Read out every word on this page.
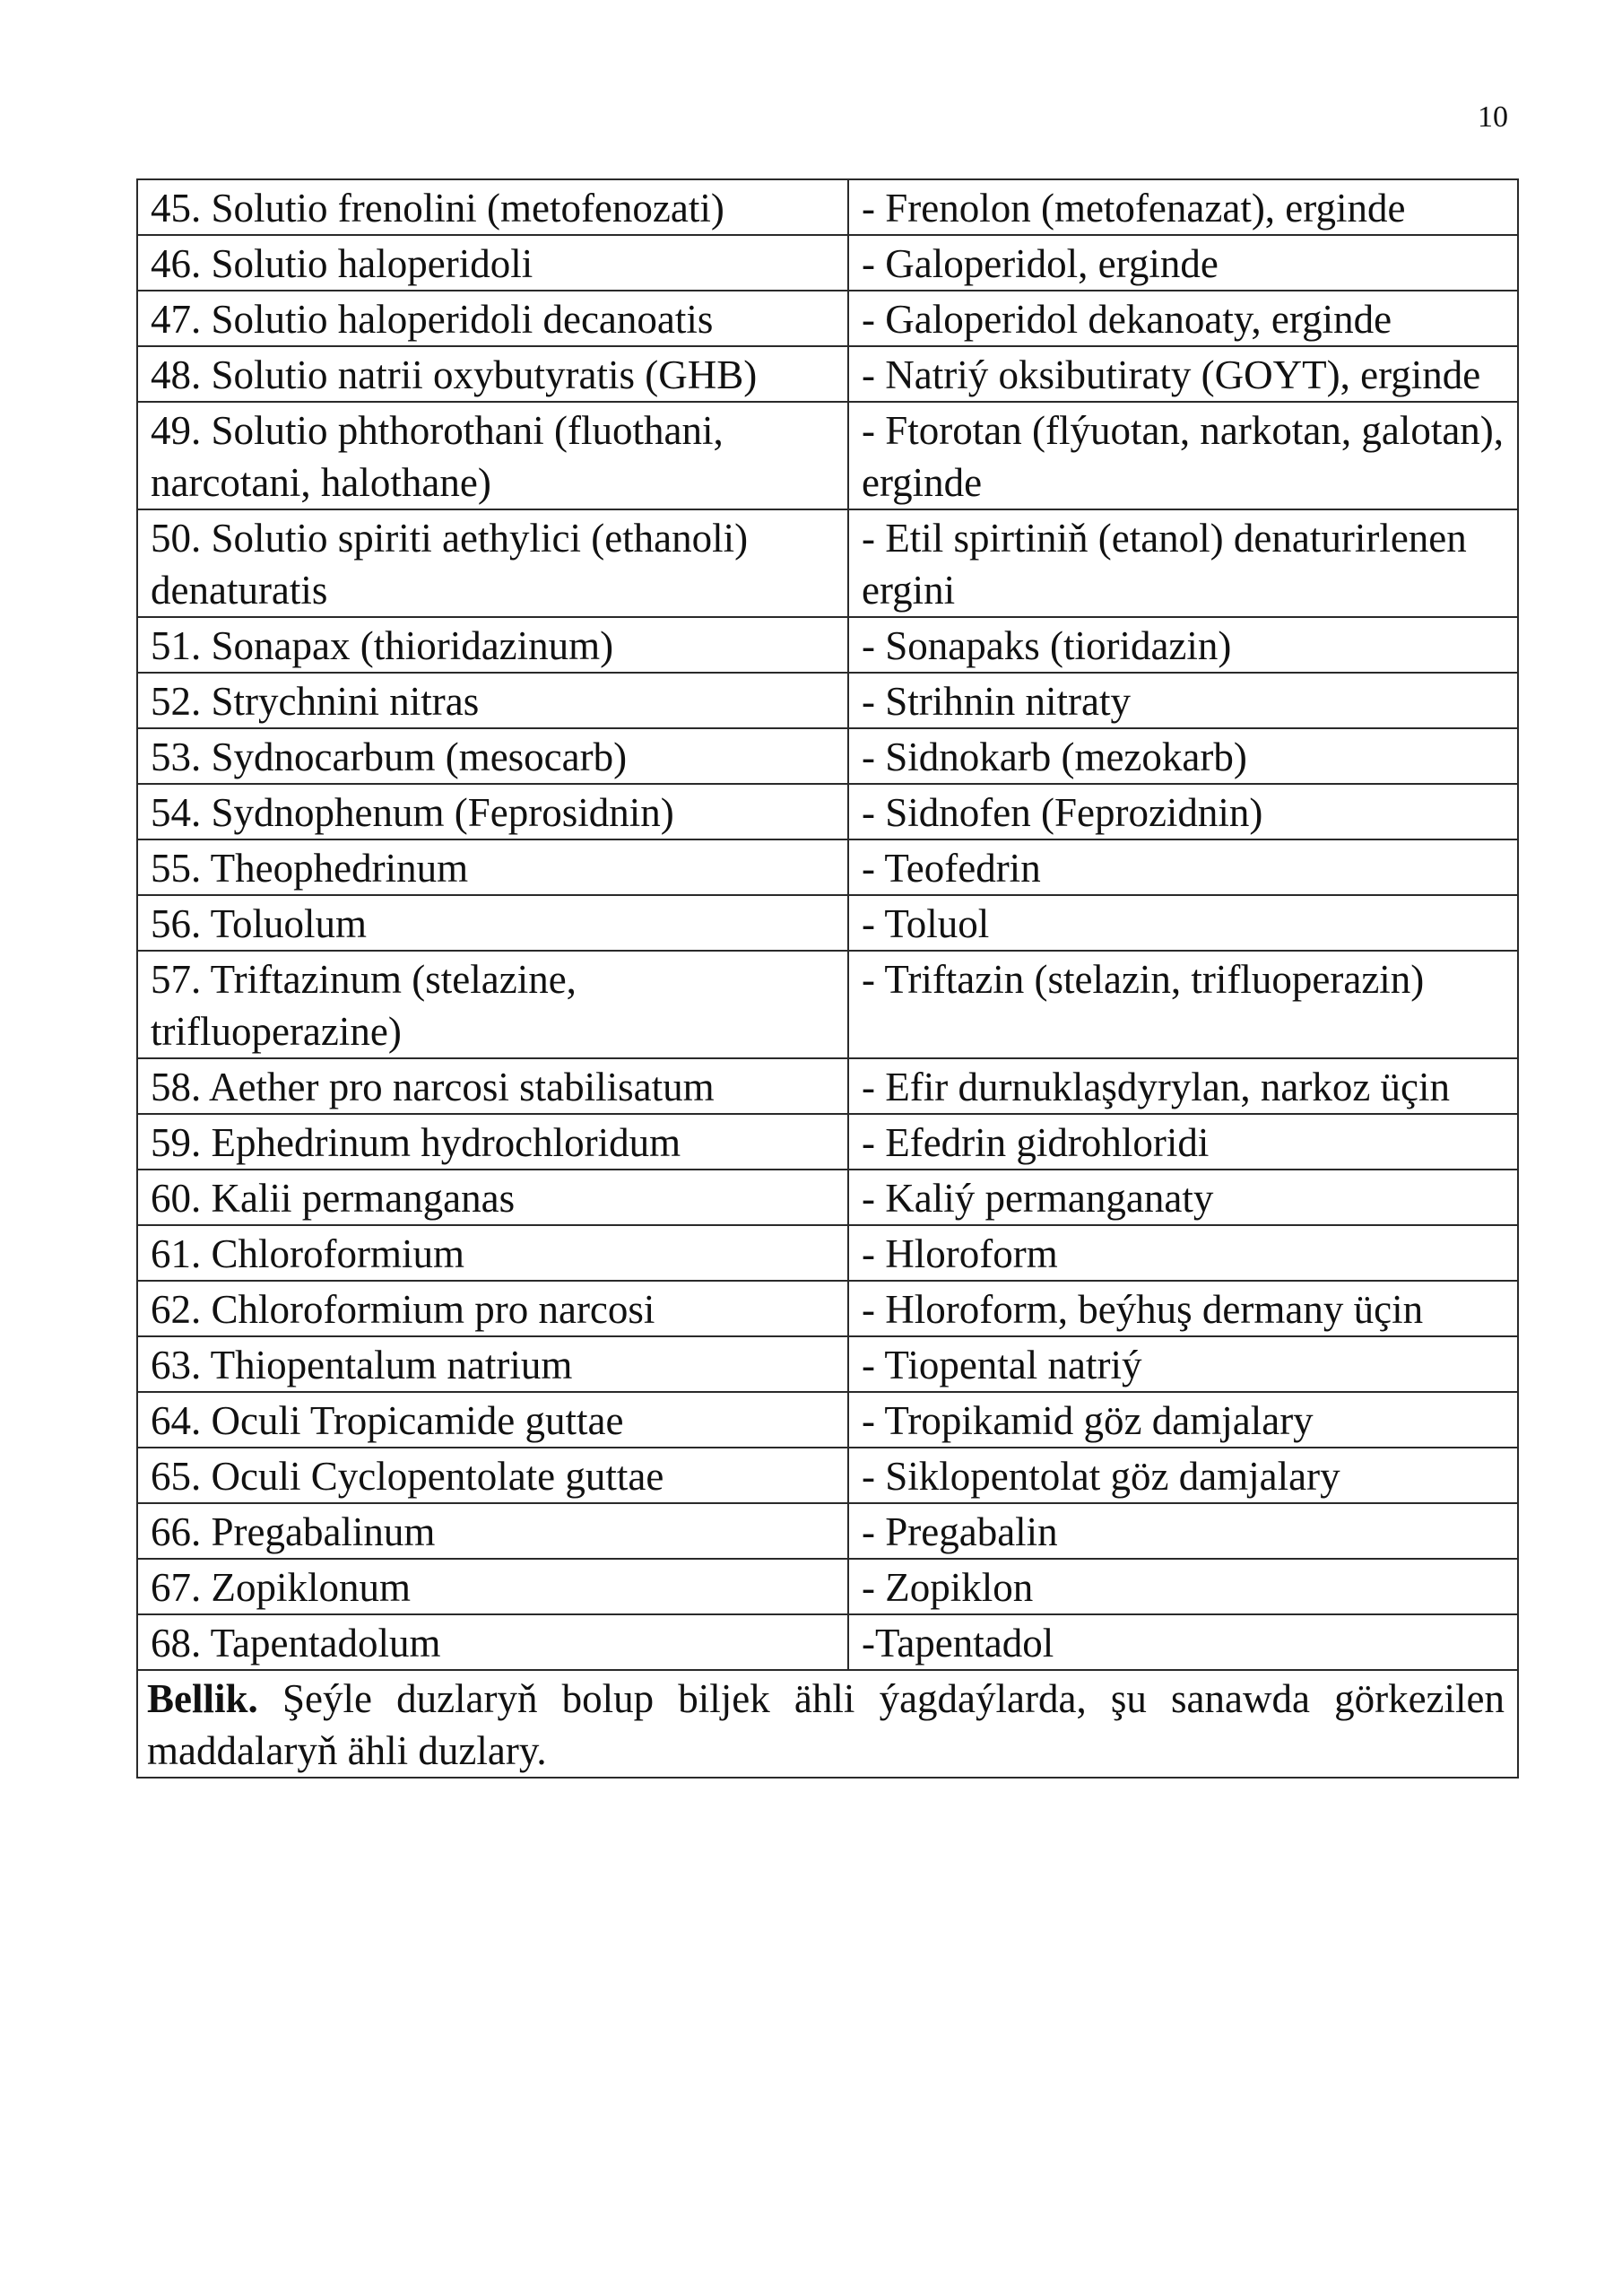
10
45. Solutio frenolini (metofenozati)	- Frenolon (metofenazat), erginde
46. Solutio haloperidoli	- Galoperidol, erginde
47. Solutio haloperidoli decanoatis	- Galoperidol dekanoaty, erginde
48. Solutio natrii oxybutyratis (GHB)	- Natriý oksibutiraty (GOYT), erginde
49. Solutio phthorothani (fluothani, narcotani, halothane)	- Ftorotan (flýuotan, narkotan, galotan), erginde
50. Solutio spiriti aethylici (ethanoli) denaturatis	- Etil spirtiniň (etanol) denaturirlenen ergini
51. Sonapax (thioridazinum)	- Sonapaks (tioridazin)
52. Strychnini nitras	- Strihnin nitraty
53. Sydnocarbum (mesocarb)	- Sidnokarb (mezokarb)
54. Sydnophenum (Feprosidnin)	- Sidnofen (Feprozidnin)
55. Theophedrinum	- Teofedrin
56. Toluolum	- Toluol
57. Triftazinum (stelazine, trifluoperazine)	- Triftazin (stelazin, trifluoperazin)
58. Aether pro narcosi stabilisatum	- Efir durnuklaşdyrylan, narkoz üçin
59. Ephedrinum hydrochloridum	- Efedrin gidrohloridi
60. Kalii permanganas	- Kaliý permanganaty
61. Chloroformium	- Hloroform
62. Chloroformium pro narcosi	- Hloroform, beýhuş dermany üçin
63. Thiopentalum natrium	- Tiopental natriý
64. Oculi Tropicamide guttae	- Tropikamid göz damjalary
65. Oculi Cyclopentolate guttae	- Siklopentolat göz damjalary
66. Pregabalinum	- Pregabalin
67. Zopiklonum	- Zopiklon
68. Tapentadolum	-Tapentadol
Bellik. Şeýle duzlaryň bolup biljek ähli ýagdaýlarda, şu sanawda görkezilen maddalaryň ähli duzlary.	
